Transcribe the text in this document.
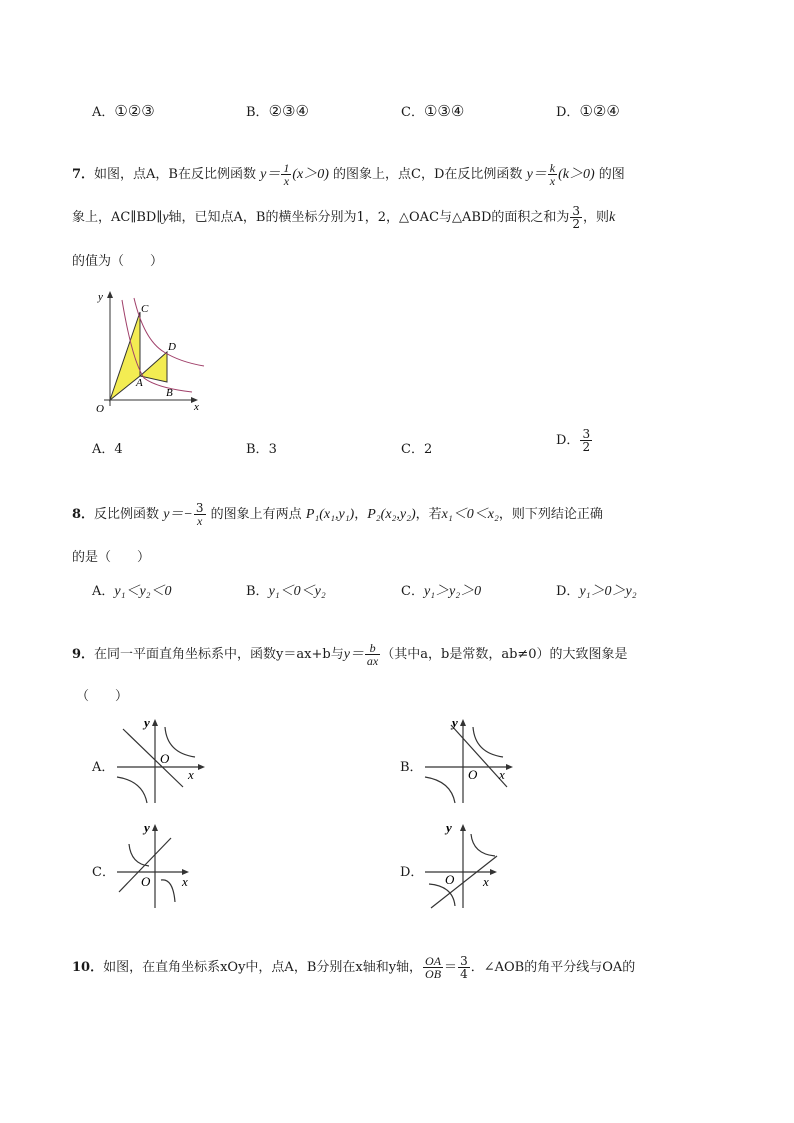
A．①②③	B．②③④	C．①③④	D．①②④
7．如图，点A，B在反比例函数 $y= \frac{1}{x} (x>0)$ 的图象上，点C，D在反比例函数 $y= \frac{k}{x} (k>0)$ 的图
象上，AC∥BD∥y轴，已知点A，B的横坐标分别为1，2，△OAC与△ABD的面积之和为 $\frac{3}{2}$ ，则k
的值为（　　）
y
C
D
A
B
O	x
A．4	B．3	C．2
D． $\frac{3}{2}$
8．反比例函数 $y=- \frac{3}{x}$ 的图象上有两点 P₁(x₁,y₁)，P₂(x₂,y₂)，若x₁＜0＜x₂，则下列结论正确
的是（　　）
A．y₁＜y₂＜0	B．y₁＜0＜y₂	C．y₁＞y₂＞0	D．y₁＞0＞y₂
9．在同一平面直角坐标系中，函数y＝ax+b与$y= \frac{b}{ax}$ （其中a，b是常数，ab≠0）的大致图象是
（　　）
A．
y
O
x	B．
y
O x
C．
y
O x
D．
y
O x
10．如图，在直角坐标系xOy中，点A，B分别在x轴和y轴， $\frac{OA}{OB} = \frac{3}{4}$ ．∠AOB的角平分线与OA的
